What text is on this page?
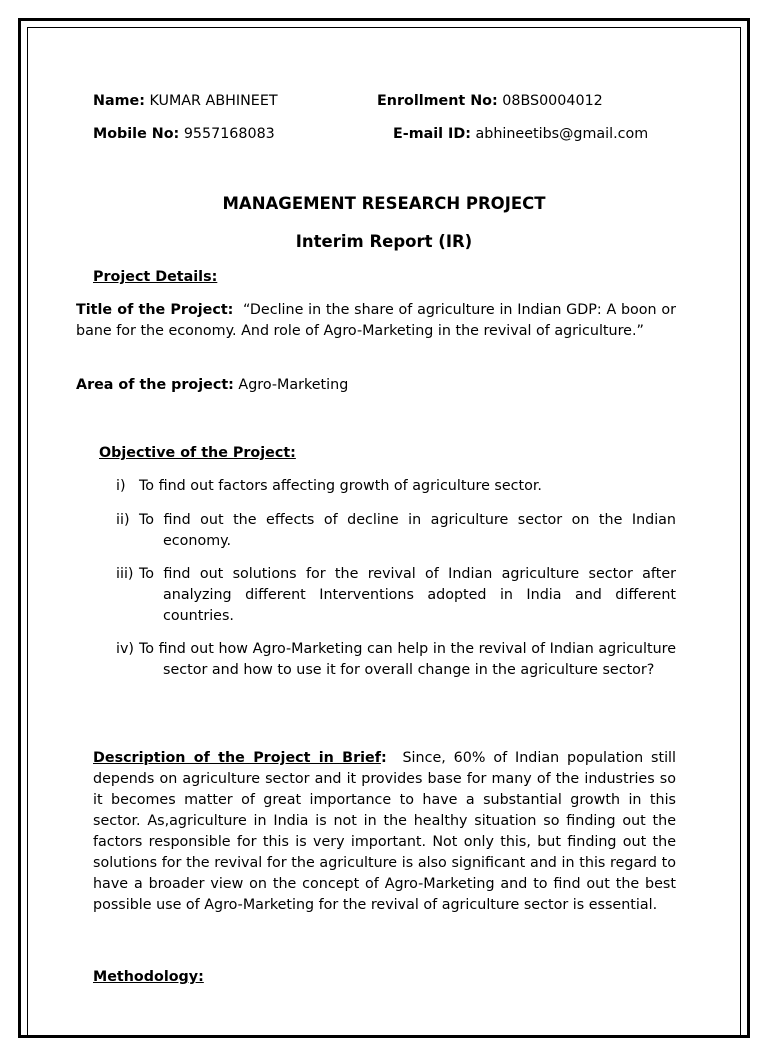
Name: KUMAR ABHINEET	Enrollment No: 08BS0004012
Mobile No: 9557168083	E-mail ID: abhineetibs@gmail.com
MANAGEMENT RESEARCH PROJECT
Interim Report (IR)
Project Details:
Title of the Project: “Decline in the share of agriculture in Indian GDP: A boon or bane for the economy. And role of Agro-Marketing in the revival of agriculture.”
Area of the project: Agro-Marketing
Objective of the Project:
i) To find out factors affecting growth of agriculture sector.
ii) To find out the effects of decline in agriculture sector on the Indian economy.
iii) To find out solutions for the revival of Indian agriculture sector after analyzing different Interventions adopted in India and different countries.
iv) To find out how Agro-Marketing can help in the revival of Indian agriculture sector and how to use it for overall change in the agriculture sector?
Description of the Project in Brief: Since, 60% of Indian population still depends on agriculture sector and it provides base for many of the industries so it becomes matter of great importance to have a substantial growth in this sector. As,agriculture in India is not in the healthy situation so finding out the factors responsible for this is very important. Not only this, but finding out the solutions for the revival for the agriculture is also significant and in this regard to have a broader view on the concept of Agro-Marketing and to find out the best possible use of Agro-Marketing for the revival of agriculture sector is essential.
Methodology:
